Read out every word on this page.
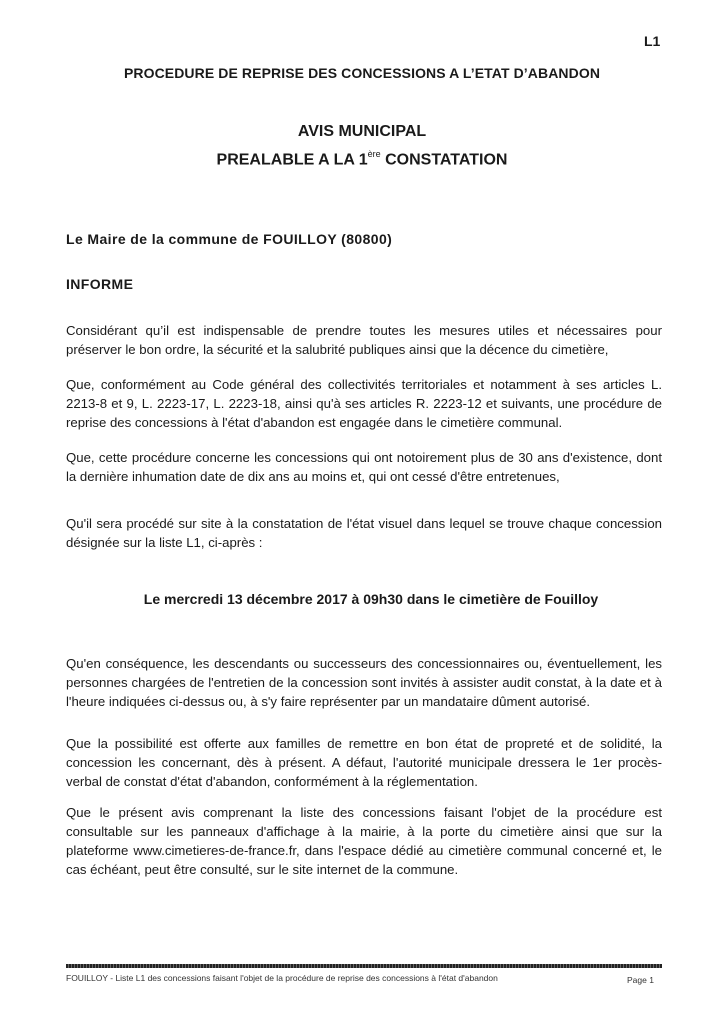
L1
PROCEDURE DE REPRISE DES CONCESSIONS A L’ETAT D’ABANDON
AVIS MUNICIPAL
PREALABLE A LA 1ère CONSTATATION
Le Maire de la commune de FOUILLOY (80800)
INFORME
Considérant qu’il est indispensable de prendre toutes les mesures utiles et nécessaires pour préserver le bon ordre, la sécurité et la salubrité publiques ainsi que la décence du cimetière,
Que, conformément au Code général des collectivités territoriales et notamment à ses articles L. 2213-8 et 9, L. 2223-17, L. 2223-18, ainsi qu'à ses articles R. 2223-12 et suivants, une procédure de reprise des concessions à l'état d'abandon est engagée dans le cimetière communal.
Que, cette procédure concerne les concessions qui ont notoirement plus de 30 ans d'existence, dont la dernière inhumation date de dix ans au moins et, qui ont cessé d'être entretenues,
Qu'il sera procédé sur site à la constatation de l'état visuel dans lequel se trouve chaque concession désignée sur la liste L1, ci-après :
Le mercredi 13 décembre 2017 à 09h30 dans le cimetière de Fouilloy
Qu'en conséquence, les descendants ou successeurs des concessionnaires ou, éventuellement, les personnes chargées de l'entretien de la concession sont invités à assister audit constat, à la date et à l'heure indiquées ci-dessus ou, à s'y faire représenter par un mandataire dûment autorisé.
Que la possibilité est offerte aux familles de remettre en bon état de propreté et de solidité, la concession les concernant, dès à présent. A défaut, l'autorité municipale dressera le 1er procès-verbal de constat d'état d'abandon, conformément à la réglementation.
Que le présent avis comprenant la liste des concessions faisant l'objet de la procédure est consultable sur les panneaux d'affichage à la mairie, à la porte du cimetière ainsi que sur la plateforme www.cimetieres-de-france.fr, dans l'espace dédié au cimetière communal concerné et, le cas échéant, peut être consulté, sur le site internet de la commune.
FOUILLOY - Liste L1 des concessions faisant l'objet de la procédure de reprise des concessions à l'état d'abandon	Page 1
